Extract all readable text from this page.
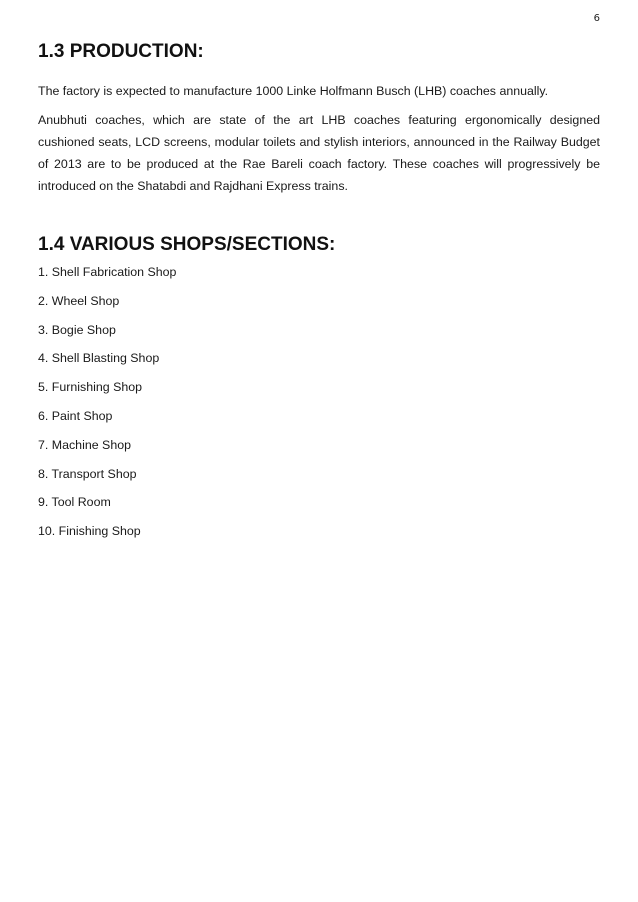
6
1.3 PRODUCTION:

The factory is expected to manufacture 1000 Linke Holfmann Busch (LHB) coaches annually.

Anubhuti coaches, which are state of the art LHB coaches featuring ergonomically designed cushioned seats, LCD screens, modular toilets and stylish interiors, announced in the Railway Budget of 2013 are to be produced at the Rae Bareli coach factory. These coaches will progressively be introduced on the Shatabdi and Rajdhani Express trains.

1.4 VARIOUS SHOPS/SECTIONS:
1. Shell Fabrication Shop
2. Wheel Shop
3. Bogie Shop
4. Shell Blasting Shop
5. Furnishing Shop
6. Paint Shop
7. Machine Shop
8. Transport Shop
9. Tool Room
10. Finishing Shop
